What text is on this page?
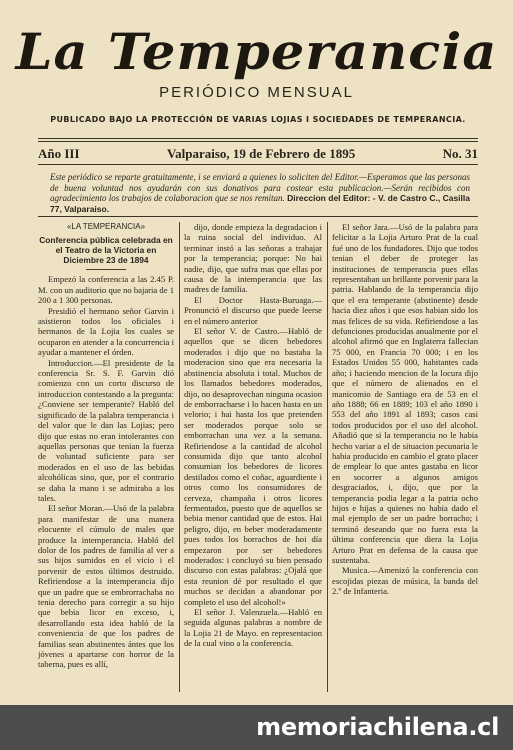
La Temperancia
PERIÓDICO MENSUAL
PUBLICADO BAJO LA PROTECCIÓN DE VARIAS LOJIAS I SOCIEDADES DE TEMPERANCIA.
Año III	Valparaiso, 19 de Febrero de 1895	No. 31
Este periódico se reparte gratuitamente, i se enviará a quienes lo soliciten del Editor.—Esperamos que las personas de buena voluntad nos ayudarán con sus donativos para costear esta publicacion.—Serán recibidos con agradecimiento los trabajos de colaboracion que se nos remitan. Direccion del Editor: - V. de Castro C., Casilla 77, Valparaiso.
«LA TEMPERANCIA»
Conferencia pública celebrada en el Teatro de la Victoria en Diciembre 23 de 1894

Empezó la conferencia a las 2.45 P. M. con un auditorio que no bajaria de 1 200 a 1 300 personas.

Presidió el hermano señor Garvin i asistieron todos los oficiales i hermanos de la Lojia los cuales se ocuparon en atender a la concurrencia i ayudar a mantener el órden.

Introduccion.—El presidente de la conferencia Sr. S. F. Garvin dió comienzo con un corto discurso de introduccion contestando a la pregunta: ¿Conviene ser temperante? Habló del significado de la palabra temperancia i del valor que le dan las Lojias; pero dijo que estas no eran intolerantes con aquellas personas que tenian la fuerza de voluntad suficiente para ser moderados en el uso de las bebidas alcohólicas sino, que, por el contrario se daba la mano i se admiraba a los tales.

El señor Moran.—Usó de la palabra para manifestar de una manera elocuente el cúmulo de males que produce la intemperancia. Habló del dolor de los padres de familia al ver a sus hijos sumidos en el vicio i el porvenir de estos últimos destruido. Refiriendose a la intemperancia dijo que un padre que se embrorrachaba no tenia derecho para corregir a su hijo que bebia licor en exceso, i, desarrollando esta idea habló de la conveniencia de que los padres de familias sean abstinentes ántes que los jóvenes a apartarse con horror de la taberna, pues es allí,

dijo, donde empieza la degradacion i la ruina social del individuo. Al terminar instó a las señoras a trabajar por la temperancia; porque: No hai nadie, dijo, que sufra mas que ellas por causa de la intemperancia que las madres de familia.

El Doctor Hasta-Buruaga.—Pronunció el discurso que puede leerse en el número anterior

El señor V. de Castro.—Habló de aquellos que se dicen bebedores moderados i dijo que no bastaba la moderacion sino que era necesaria la abstinencia absoluta i total. Muchos de los llamados bebedores moderados, dijo, no desaprovechan ninguna ocasion de emborracharse i lo hacen hasta en un velorio; i hai hasta los que pretenden ser moderados porque solo se emborrachan una vez a la semana. Refiriendose a la cantidad de alcohol consumida dijo que tanto alcohol consumian los bebedores de licores destilados como el coñac, aguardiente i otros como los consumidores de cerveza, champaña i otros licores fermentados, puesto que de aquellos se bebia menor cantidad que de estos. Hai peligro, dijo, en beber moderadamente pues todos los borrachos de hoi día empezaron por ser bebedores moderados: i concluyó su bien pensado discurso con estas palabras: ¿Ojalá que esta reunion dé por resultado el que muchos se decidan a abandonar por completo el uso del alcohol!»

El señor J. Valenzuela.—Habló en seguida algunas palabras a nombre de la Lojia 21 de Mayo. en representacion de la cual vino a la conferencia.

El señor Jara.—Usó de la palabra para felicitar a la Lojia Arturo Prat de la cual fué uno de los fundadores. Dijo que todos tenian el deber de proteger las instituciones de temperancia pues ellas representaban un brillante porvenir para la patria. Hablando de la temperancia dijo que el era temperante (abstinente) desde hacia diez años i que esos habian sido los mas felices de su vida. Refiriendose a las defunciones producidas anualmente por el alcohol afirmó que en Inglaterra fallecian 75 000, en Francia 70 000; i en los Estados Unidos 55 000, habitantes cada año; i haciendo mencion de la locura dijo que el número de alienados en el manicomio de Santiago era de 53 en el año 1888; 66 en 1889; 103 el año 1890 i 553 del año 1891 al 1893; casos casi todos producidos por el uso del alcohol. Añadió que si la temperancia no le habia hecho variar a el de situacion pecunaria le habia producido en cambio el grato placer de emplear lo que antes gastaba en licor en socorrer a algunos amigos desgraciados, i, dijo, que por la temperancia podia legar a la patria ocho hijos e hijas a quienes no habia dado el mal ejemplo de ser un padre borracho; i terminó deseando que no fuera esta la última conferencia que diera la Lojia Arturo Prat en defensa de la causa que sustentaba.

Musica.—Amenizó la conferencia con escojidas piezas de música, la banda del 2.º de Infanteria.

memoriachilena.cl
